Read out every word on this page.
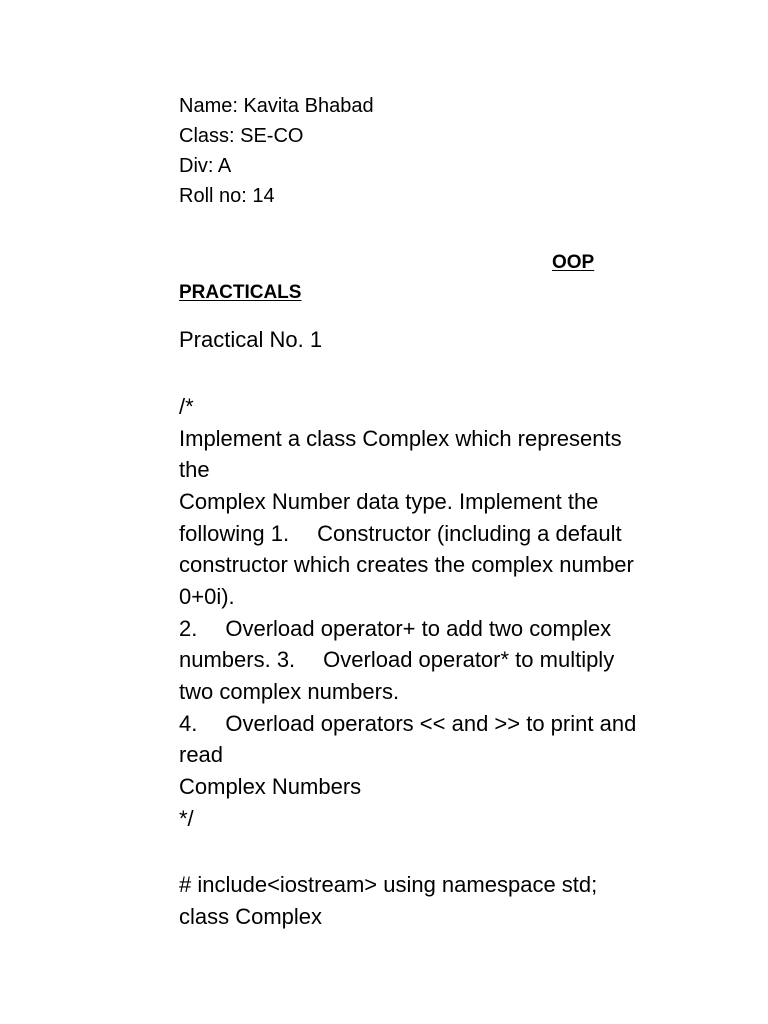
Name: Kavita Bhabad
Class: SE-CO
Div: A
Roll no: 14
OOP
PRACTICALS
Practical No. 1
/*
Implement a class Complex which represents
the
Complex Number data type. Implement the
following 1. Constructor (including a default
constructor which creates the complex number
0+0i).
2. Overload operator+ to add two complex
numbers. 3. Overload operator* to multiply
two complex numbers.
4. Overload operators << and >> to print and
read
Complex Numbers
*/
# include<iostream> using namespace std;
class Complex
